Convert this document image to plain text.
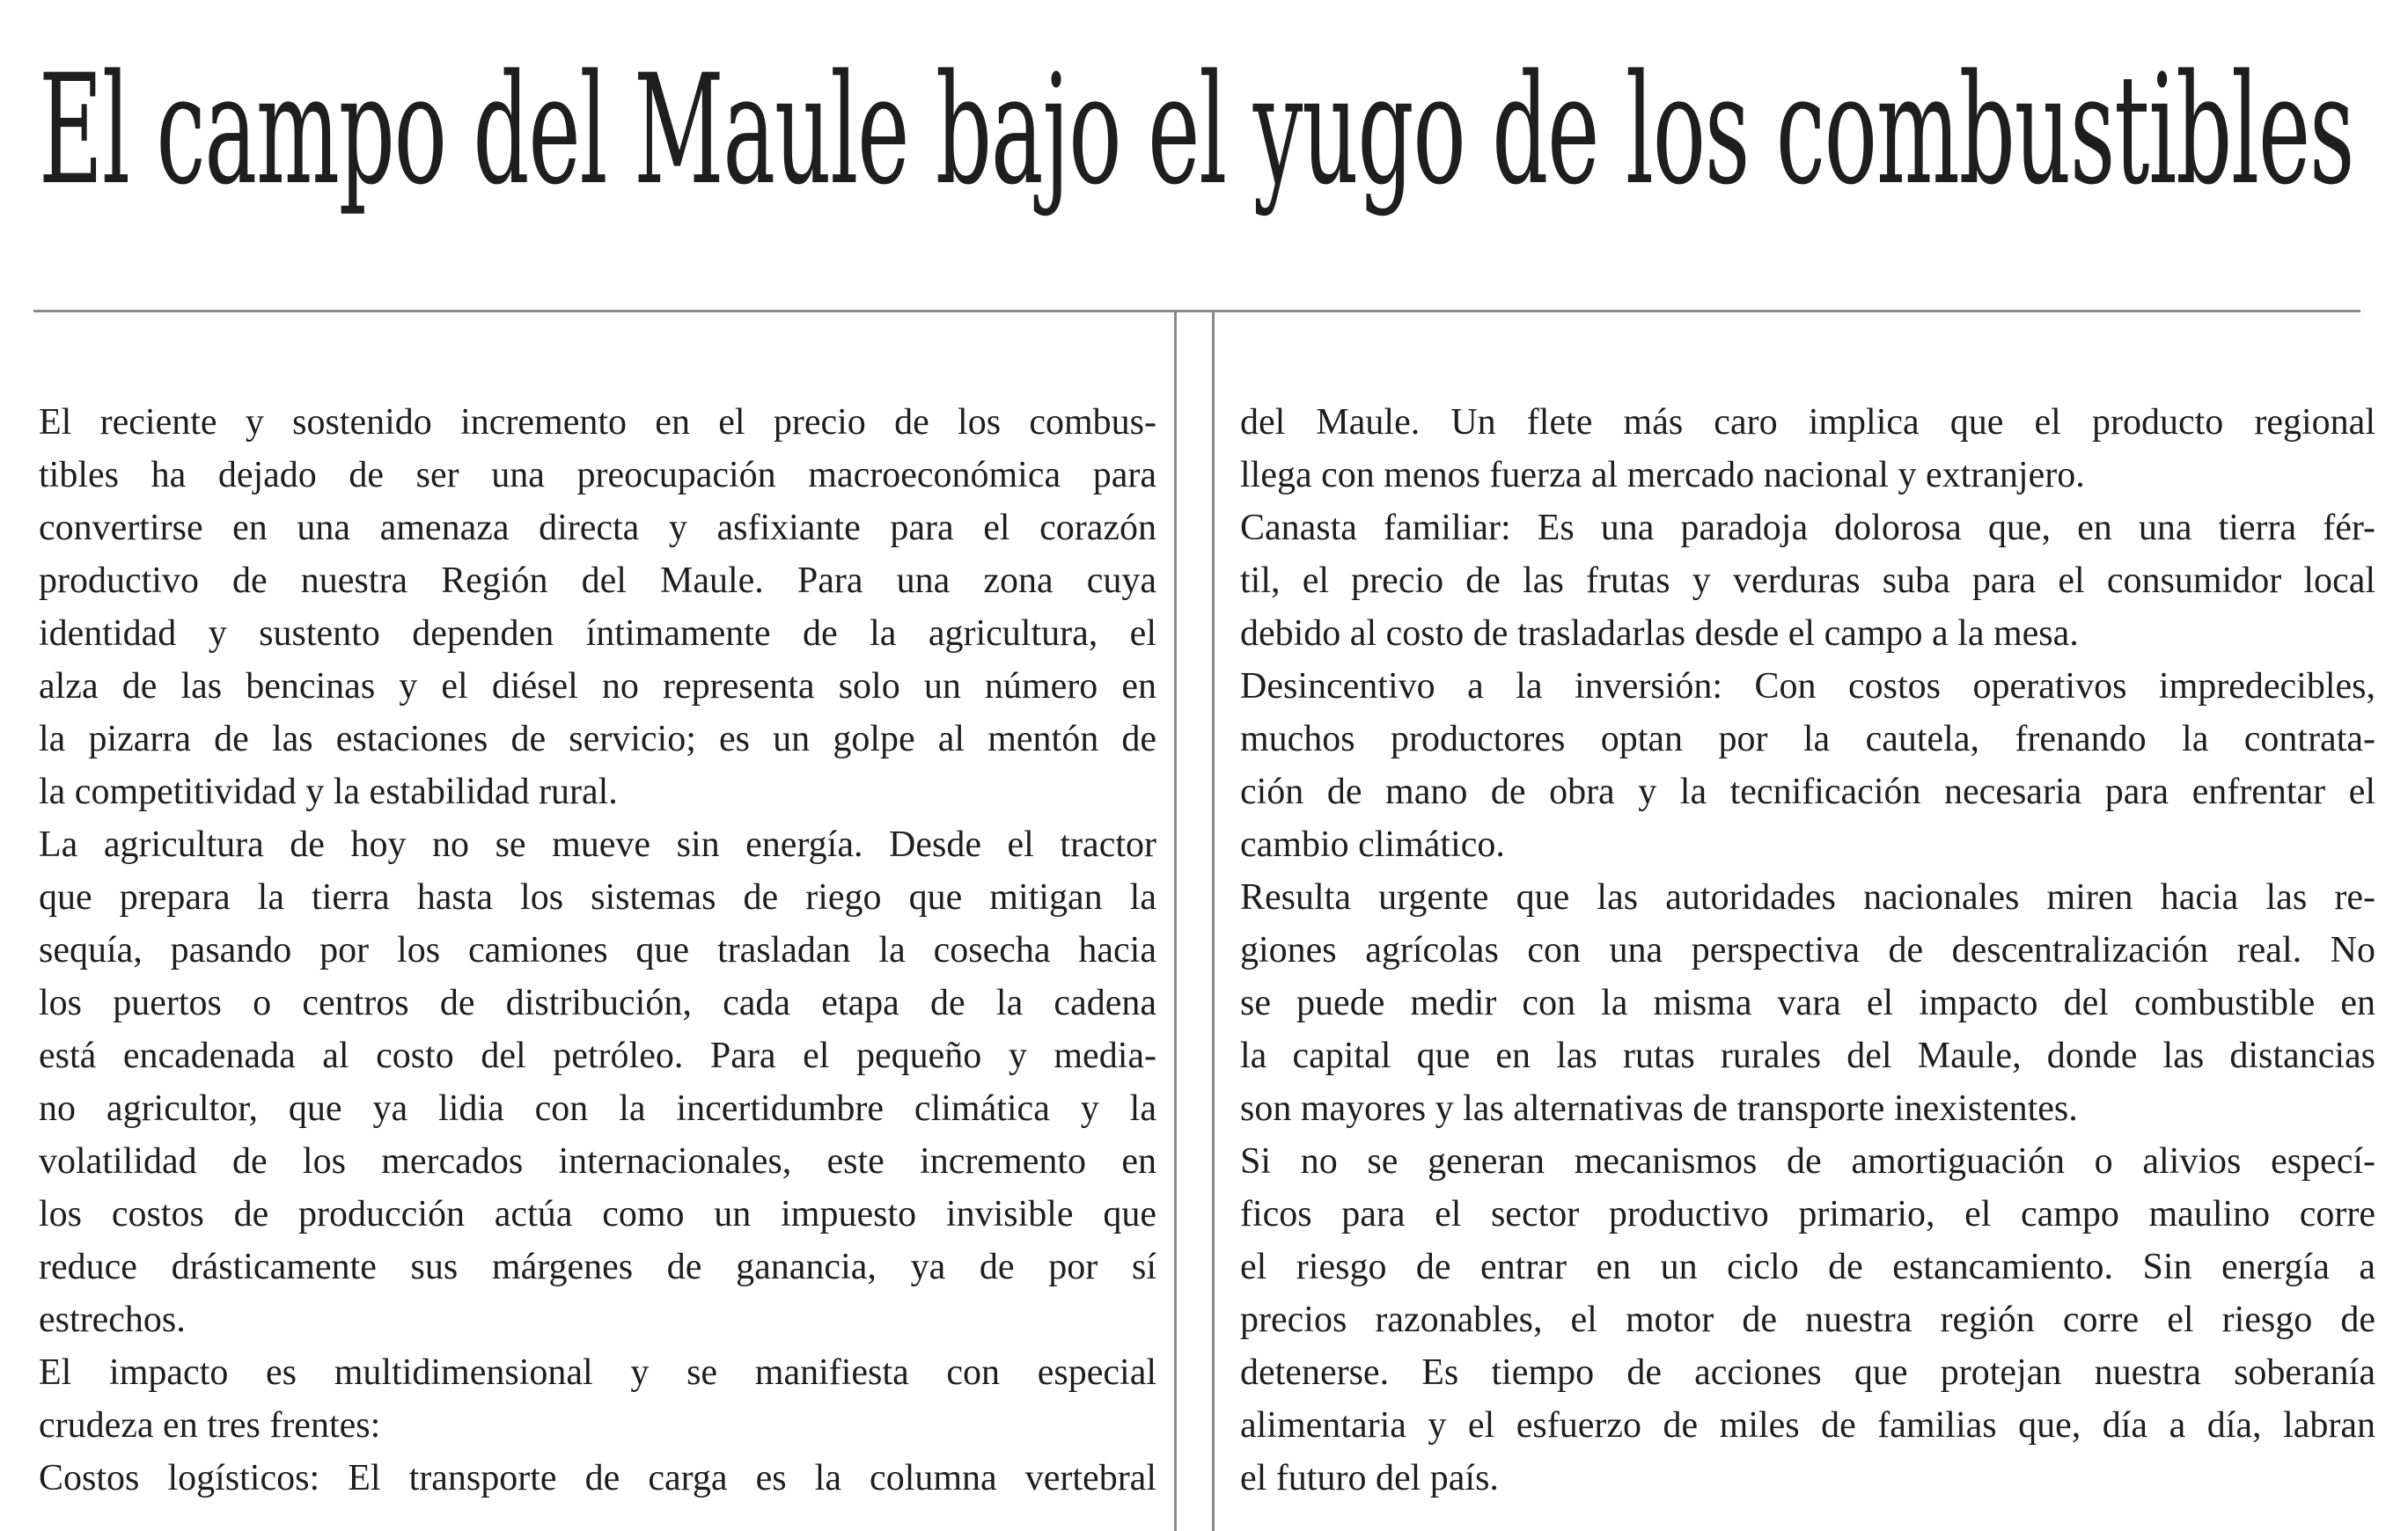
El campo del Maule bajo el yugo de los combustibles
El reciente y sostenido incremento en el precio de los combus-
tibles ha dejado de ser una preocupación macroeconómica para
convertirse en una amenaza directa y asfixiante para el corazón
productivo de nuestra Región del Maule. Para una zona cuya
identidad y sustento dependen íntimamente de la agricultura, el
alza de las bencinas y el diésel no representa solo un número en
la pizarra de las estaciones de servicio; es un golpe al mentón de
la competitividad y la estabilidad rural.
La agricultura de hoy no se mueve sin energía. Desde el tractor
que prepara la tierra hasta los sistemas de riego que mitigan la
sequía, pasando por los camiones que trasladan la cosecha hacia
los puertos o centros de distribución, cada etapa de la cadena
está encadenada al costo del petróleo. Para el pequeño y media-
no agricultor, que ya lidia con la incertidumbre climática y la
volatilidad de los mercados internacionales, este incremento en
los costos de producción actúa como un impuesto invisible que
reduce drásticamente sus márgenes de ganancia, ya de por sí
estrechos.
El impacto es multidimensional y se manifiesta con especial
crudeza en tres frentes:
Costos logísticos: El transporte de carga es la columna vertebral
del Maule. Un flete más caro implica que el producto regional
llega con menos fuerza al mercado nacional y extranjero.
Canasta familiar: Es una paradoja dolorosa que, en una tierra fér-
til, el precio de las frutas y verduras suba para el consumidor local
debido al costo de trasladarlas desde el campo a la mesa.
Desincentivo a la inversión: Con costos operativos impredecibles,
muchos productores optan por la cautela, frenando la contrata-
ción de mano de obra y la tecnificación necesaria para enfrentar el
cambio climático.
Resulta urgente que las autoridades nacionales miren hacia las re-
giones agrícolas con una perspectiva de descentralización real. No
se puede medir con la misma vara el impacto del combustible en
la capital que en las rutas rurales del Maule, donde las distancias
son mayores y las alternativas de transporte inexistentes.
Si no se generan mecanismos de amortiguación o alivios especí-
ficos para el sector productivo primario, el campo maulino corre
el riesgo de entrar en un ciclo de estancamiento. Sin energía a
precios razonables, el motor de nuestra región corre el riesgo de
detenerse. Es tiempo de acciones que protejan nuestra soberanía
alimentaria y el esfuerzo de miles de familias que, día a día, labran
el futuro del país.
